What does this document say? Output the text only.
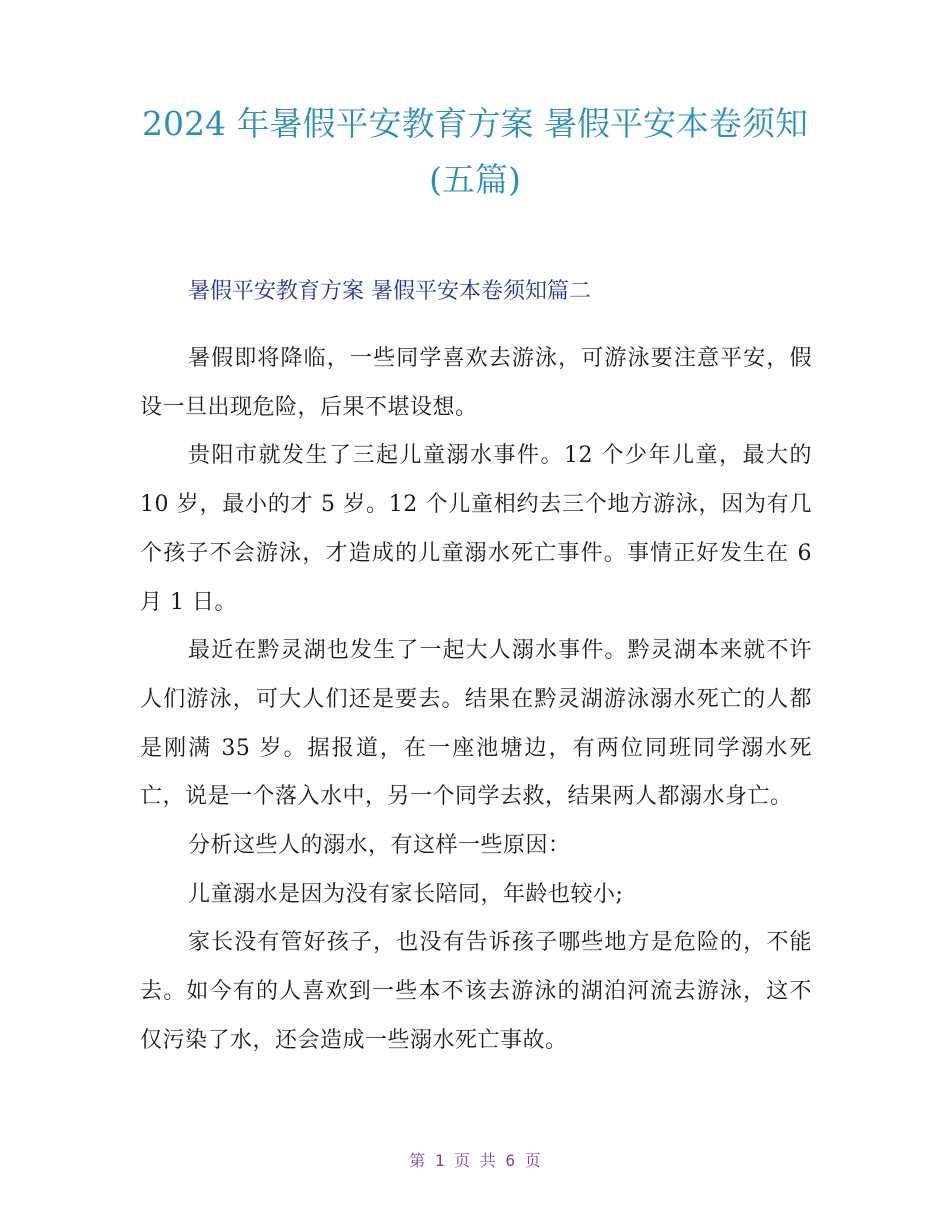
2024 年暑假平安教育方案 暑假平安本卷须知
(五篇)
暑假平安教育方案 暑假平安本卷须知篇二

暑假即将降临，一些同学喜欢去游泳，可游泳要注意平安，假设一旦出现危险，后果不堪设想。

贵阳市就发生了三起儿童溺水事件。12 个少年儿童，最大的 10 岁，最小的才 5 岁。12 个儿童相约去三个地方游泳，因为有几个孩子不会游泳，才造成的儿童溺水死亡事件。事情正好发生在 6 月 1 日。

最近在黔灵湖也发生了一起大人溺水事件。黔灵湖本来就不许人们游泳，可大人们还是要去。结果在黔灵湖游泳溺水死亡的人都是刚满 35 岁。据报道，在一座池塘边，有两位同班同学溺水死亡，说是一个落入水中，另一个同学去救，结果两人都溺水身亡。

分析这些人的溺水，有这样一些原因：

儿童溺水是因为没有家长陪同，年龄也较小;

家长没有管好孩子，也没有告诉孩子哪些地方是危险的，不能去。如今有的人喜欢到一些本不该去游泳的湖泊河流去游泳，这不仅污染了水，还会造成一些溺水死亡事故。

第 1 页 共 6 页
